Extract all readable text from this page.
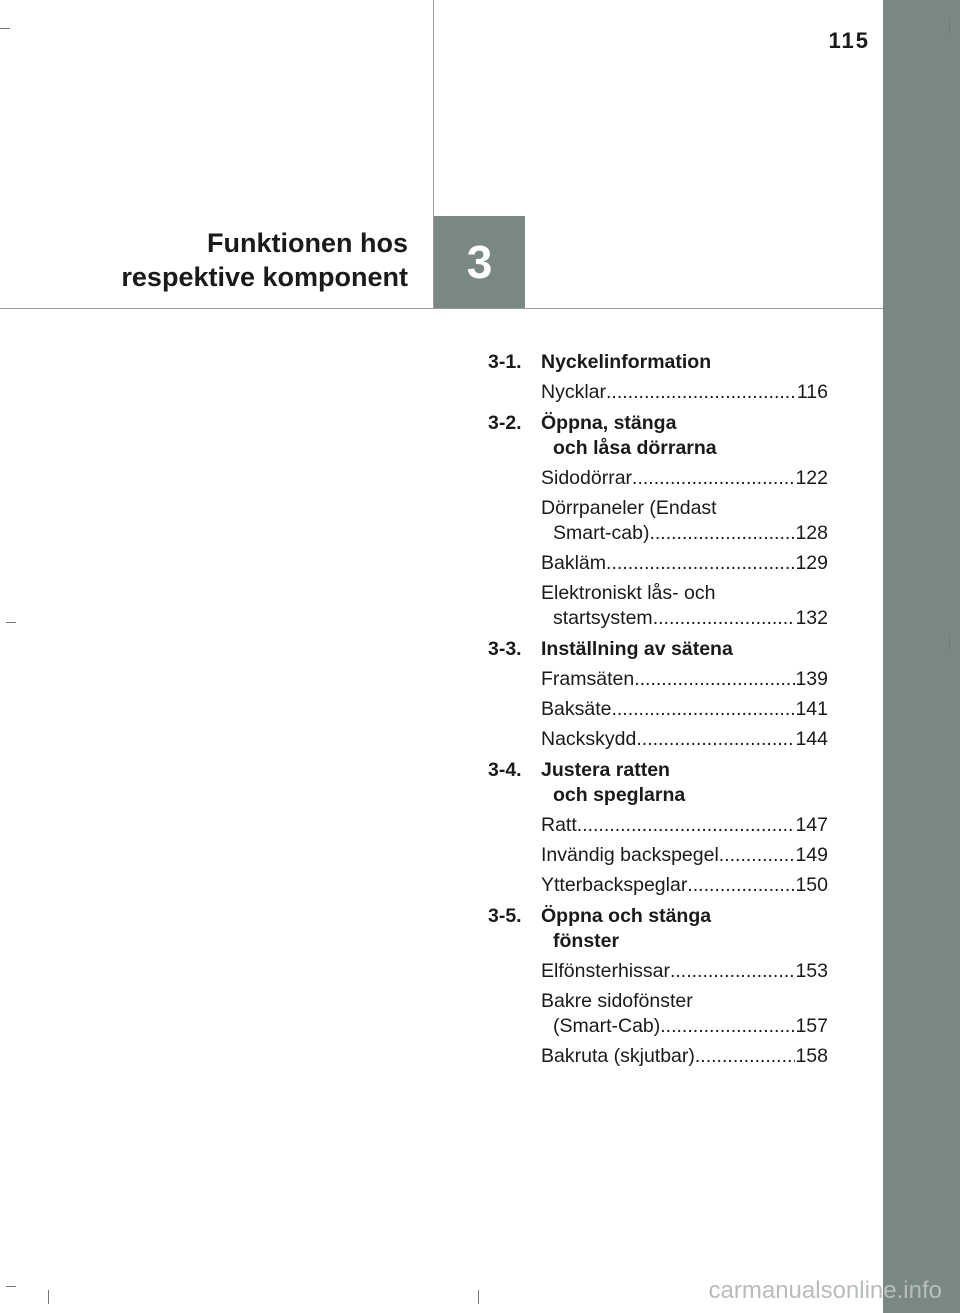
115
3
Funktionen hos
respektive komponent
3-1. Nyckelinformation
Nycklar .....	116
3-2. Öppna, stänga
och låsa dörrarna
Sidodörrar .....	122
Dörrpaneler (Endast
Smart-cab) .....	128
Bakläm .....	129
Elektroniskt lås- och
startsystem .....	132
3-3. Inställning av sätena
Framsäten .....	139
Baksäte .....	141
Nackskydd .....	144
3-4. Justera ratten
och speglarna
Ratt .....	147
Invändig backspegel .....	149
Ytterbackspeglar .....	150
3-5. Öppna och stänga
fönster
Elfönsterhissar .....	153
Bakre sidofönster
(Smart-Cab) .....	157
Bakruta (skjutbar) .....	158
carmanualsonline.info
